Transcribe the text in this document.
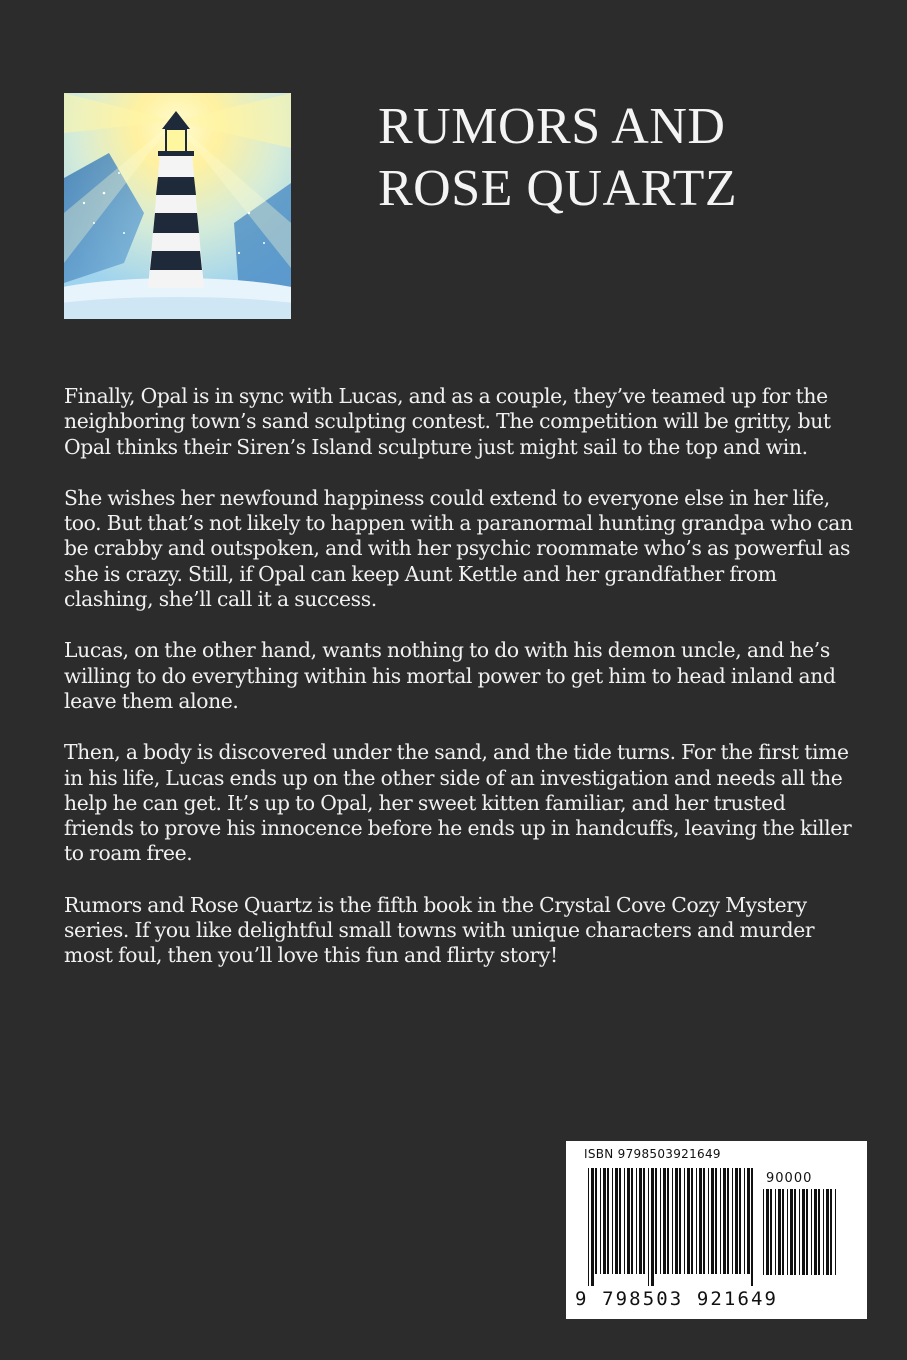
RUMORS AND
ROSE QUARTZ

Finally, Opal is in sync with Lucas, and as a couple, they’ve teamed up for the neighboring town’s sand sculpting contest. The competition will be gritty, but Opal thinks their Siren’s Island sculpture just might sail to the top and win.

She wishes her newfound happiness could extend to everyone else in her life, too. But that’s not likely to happen with a paranormal hunting grandpa who can be crabby and outspoken, and with her psychic roommate who’s as powerful as she is crazy. Still, if Opal can keep Aunt Kettle and her grandfather from clashing, she’ll call it a success.

Lucas, on the other hand, wants nothing to do with his demon uncle, and he’s willing to do everything within his mortal power to get him to head inland and leave them alone.

Then, a body is discovered under the sand, and the tide turns. For the first time in his life, Lucas ends up on the other side of an investigation and needs all the help he can get. It’s up to Opal, her sweet kitten familiar, and her trusted friends to prove his innocence before he ends up in handcuffs, leaving the killer to roam free.

Rumors and Rose Quartz is the fifth book in the Crystal Cove Cozy Mystery series. If you like delightful small towns with unique characters and murder most foul, then you’ll love this fun and flirty story!

ISBN 9798503921649
90000
9 798503 921649
